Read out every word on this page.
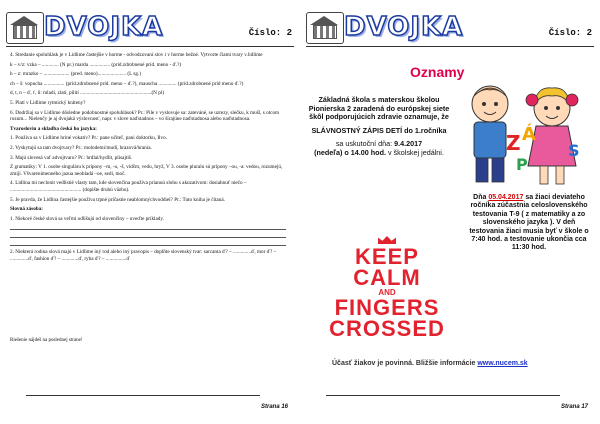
DVOJKA	Číslo: 2

4. Stredanie spoluhlásk je v Lidlime častejšie v horme - odvodzovaní slov i v horme bežné. Vytvorte čiami tvary v.lidlime

k – v/z: vzka – ............. (N pr.) marda ................ (príd.zdrobnené príd. meno - ď.?)

h – z: mrazko – .................... (pred. meno)...................... (L sg.)

ch – š: vopucha ................ (príd.zdrobnené príd. meno – ď.?), mauscha .............. (príd.zdrobnené príd meno ď.?)

d, t, n – ď, ť, ň: mladí, zlatí, pilití .......................................................(N pl)

5. Platí v Lidlime rytmický kráteny?

6. Dodržiaj sa v Lidlime dôsledne podobnostné spoluhlások? Pr.: Pile v vyslovuje sa: zateváné, se uzrezy, slečku, k mušl, s otcom rozum... Nielenčy je aj dvojaká výslovnosť, napr. v slove naďstadnos – vo šírajúne naďstadnosa alebo naďstadnosa.

Tvarosloviu a skladba česká ho jazyka:

1. Použiva sa v Lidlime hriné vokatív? Pr.: pane učiteľ, pani doktorku, Ilvo.

2. Vyskytujú sa tam dvojtvary? Pr.: molodemi/mudí, hrazová/hrania.

3. Majú slovesá vaľ advojtvaru? Pr.: hrdlal/hydlit, plisajtiš.

Z gramatiky: V 1. osobe singuláru k prípony –m, -u, -š, vidčm, vedu, hryž, V 3. osobe pluralu sú prípony –ou, -a: vedou, rozumejú, zmiji. Všvarenímenného jazua neobladá –oe, sedí, moč.

4. Lidlina mi neclonit vedlistié vlasty tam, kde slovenčina používa prianuú slohu s akuzatívom: dosiahnuť niečo – ....................................................... (dopište druhú väzbu).

5. Je pravda, že Lidlina častejšie používa trpné príčastie neablomnýchvoddiel? Pr.: Tuto kniha je čítaná.

Slovná zásoba:

1. Niekoré české slová sa veľmi odlišujú od slovenčiny – uveďte príklady.

2. Niekterá rodina slová majú v Lidlime iný rod alebo iný pravopis – doplňte slovenský tvar: sarcanta ď? – ..............ď, mor ď? – ..............ď, fashion ď? – .............ď, ryba ď? – ................ď

Riešenie nájdeš na poslednej strane!
Strana 16
DVOJKA	Číslo: 2
Oznamy
Základná škola s materskou školou Pionierska 2 zaradená do európskej siete škôl podporujúcich zdravie oznamuje, že
SLÁVNOSTNÝ ZÁPIS DETÍ do 1.ročníka
sa uskutoční dňa: 9.4.2017
(nedeľa) o 14.00 hod. v školskej jedálni.	Z Á
P
S
KEEP
CALM
AND
FINGERS
CROSSED
Dňa 05.04.2017 sa žiaci deviateho ročníka zúčastnia celoslovenského testovania T-9 ( z matematiky a zo slovenského jazyka ). V deň testovania žiaci musia byť v škole o 7:40 hod. a testovanie ukončia cca 11:30 hod.
Účasť žiakov je povinná. Bližšie informácie www.nucem.sk
Strana 17
